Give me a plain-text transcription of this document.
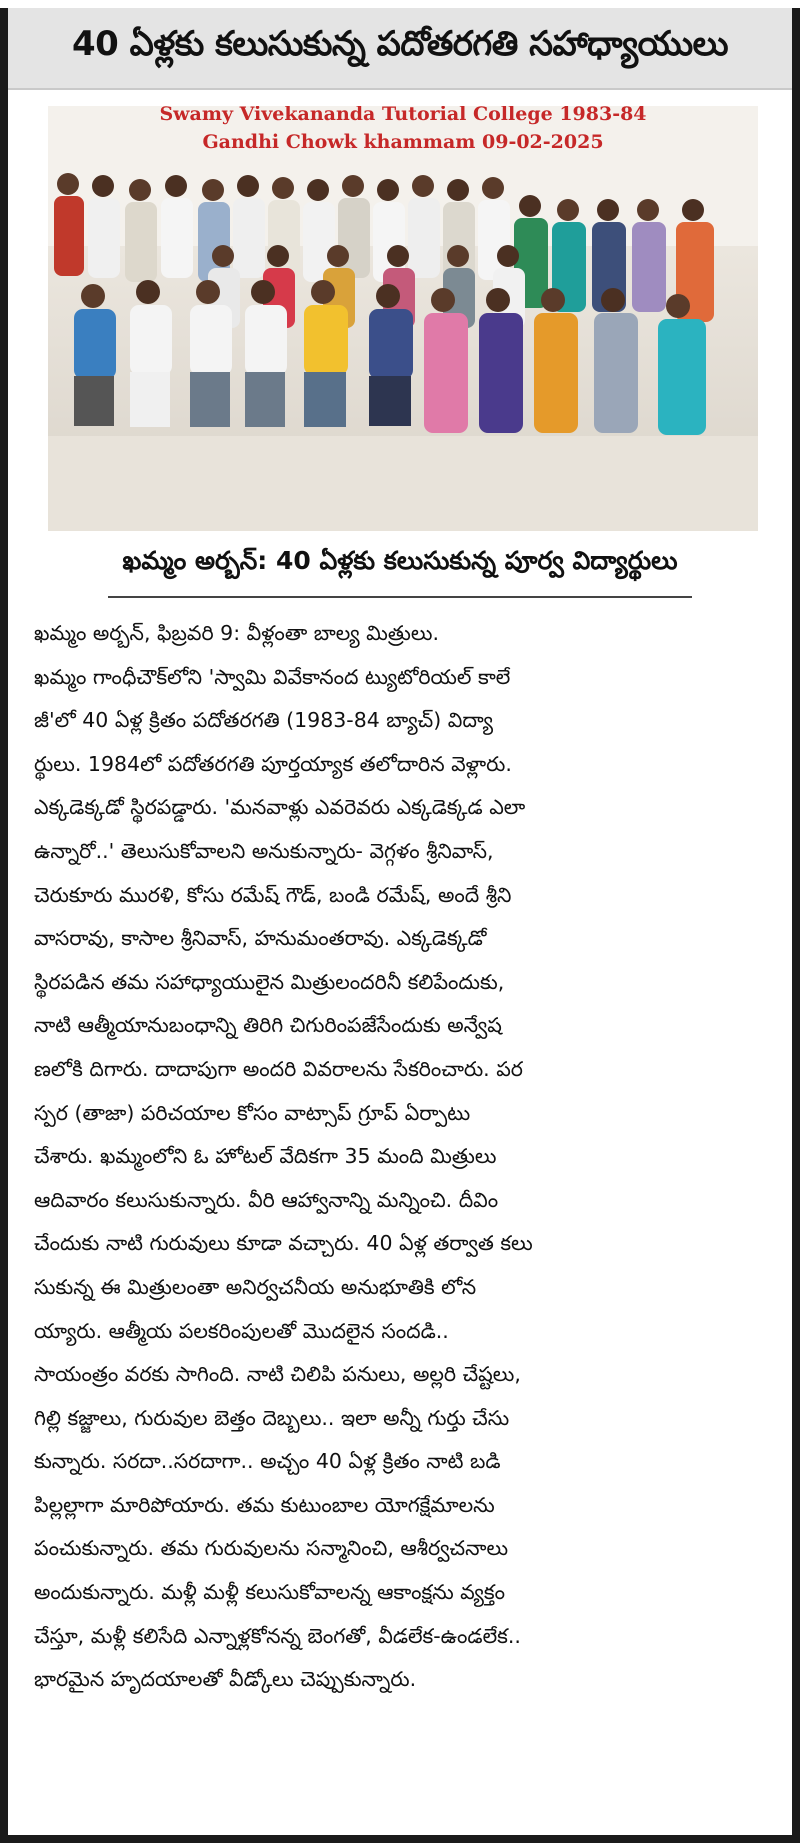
40 ఏళ్లకు కలుసుకున్న పదోతరగతి సహాధ్యాయులు
Swamy Vivekananda Tutorial College 1983-84
Gandhi Chowk khammam 09-02-2025
ఖమ్మం అర్బన్: 40 ఏళ్లకు కలుసుకున్న పూర్వ విద్యార్థులు
ఖమ్మం అర్బన్, ఫిబ్రవరి 9: వీళ్లంతా బాల్య మిత్రులు.
ఖమ్మం గాంధీచౌక్‌లోని 'స్వామి వివేకానంద ట్యుటోరియల్ కాలే
జీ'లో 40 ఏళ్ల క్రితం పదోతరగతి (1983-84 బ్యాచ్) విద్యా
ర్థులు. 1984లో పదోతరగతి పూర్తయ్యాక తలోదారిన వెళ్లారు.
ఎక్కడెక్కడో స్థిరపడ్డారు. 'మనవాళ్లు ఎవరెవరు ఎక్కడెక్కడ ఎలా
ఉన్నారో..' తెలుసుకోవాలని అనుకున్నారు- వెగ్గళం శ్రీనివాస్,
చెరుకూరు మురళి, కోసు రమేష్ గౌడ్, బండి రమేష్, అందే శ్రీని
వాసరావు, కాసాల శ్రీనివాస్, హనుమంతరావు. ఎక్కడెక్కడో
స్థిరపడిన తమ సహాధ్యాయులైన మిత్రులందరినీ కలిపేందుకు,
నాటి ఆత్మీయానుబంధాన్ని తిరిగి చిగురింపజేసేందుకు అన్వేష
ణలోకి దిగారు. దాదాపుగా అందరి వివరాలను సేకరించారు. పర
స్పర (తాజా) పరిచయాల కోసం వాట్సాప్ గ్రూప్ ఏర్పాటు
చేశారు. ఖమ్మంలోని ఓ హోటల్ వేదికగా 35 మంది మిత్రులు
ఆదివారం కలుసుకున్నారు. వీరి ఆహ్వానాన్ని మన్నించి. దీవిం
చేందుకు నాటి గురువులు కూడా వచ్చారు. 40 ఏళ్ల తర్వాత కలు
సుకున్న ఈ మిత్రులంతా అనిర్వచనీయ అనుభూతికి లోన
య్యారు. ఆత్మీయ పలకరింపులతో మొదలైన సందడి..
సాయంత్రం వరకు సాగింది. నాటి చిలిపి పనులు, అల్లరి చేష్టలు,
గిల్లి కజ్జాలు, గురువుల బెత్తం దెబ్బలు.. ఇలా అన్నీ గుర్తు చేసు
కున్నారు. సరదా..సరదాగా.. అచ్చం 40 ఏళ్ల క్రితం నాటి బడి
పిల్లల్లాగా మారిపోయారు. తమ కుటుంబాల యోగక్షేమాలను
పంచుకున్నారు. తమ గురువులను సన్మానించి, ఆశీర్వచనాలు
అందుకున్నారు. మళ్లీ మళ్లీ కలుసుకోవాలన్న ఆకాంక్షను వ్యక్తం
చేస్తూ, మళ్లీ కలిసేది ఎన్నాళ్లకోనన్న బెంగతో, వీడలేక-ఉండలేక..
భారమైన హృదయాలతో వీడ్కోలు చెప్పుకున్నారు.
